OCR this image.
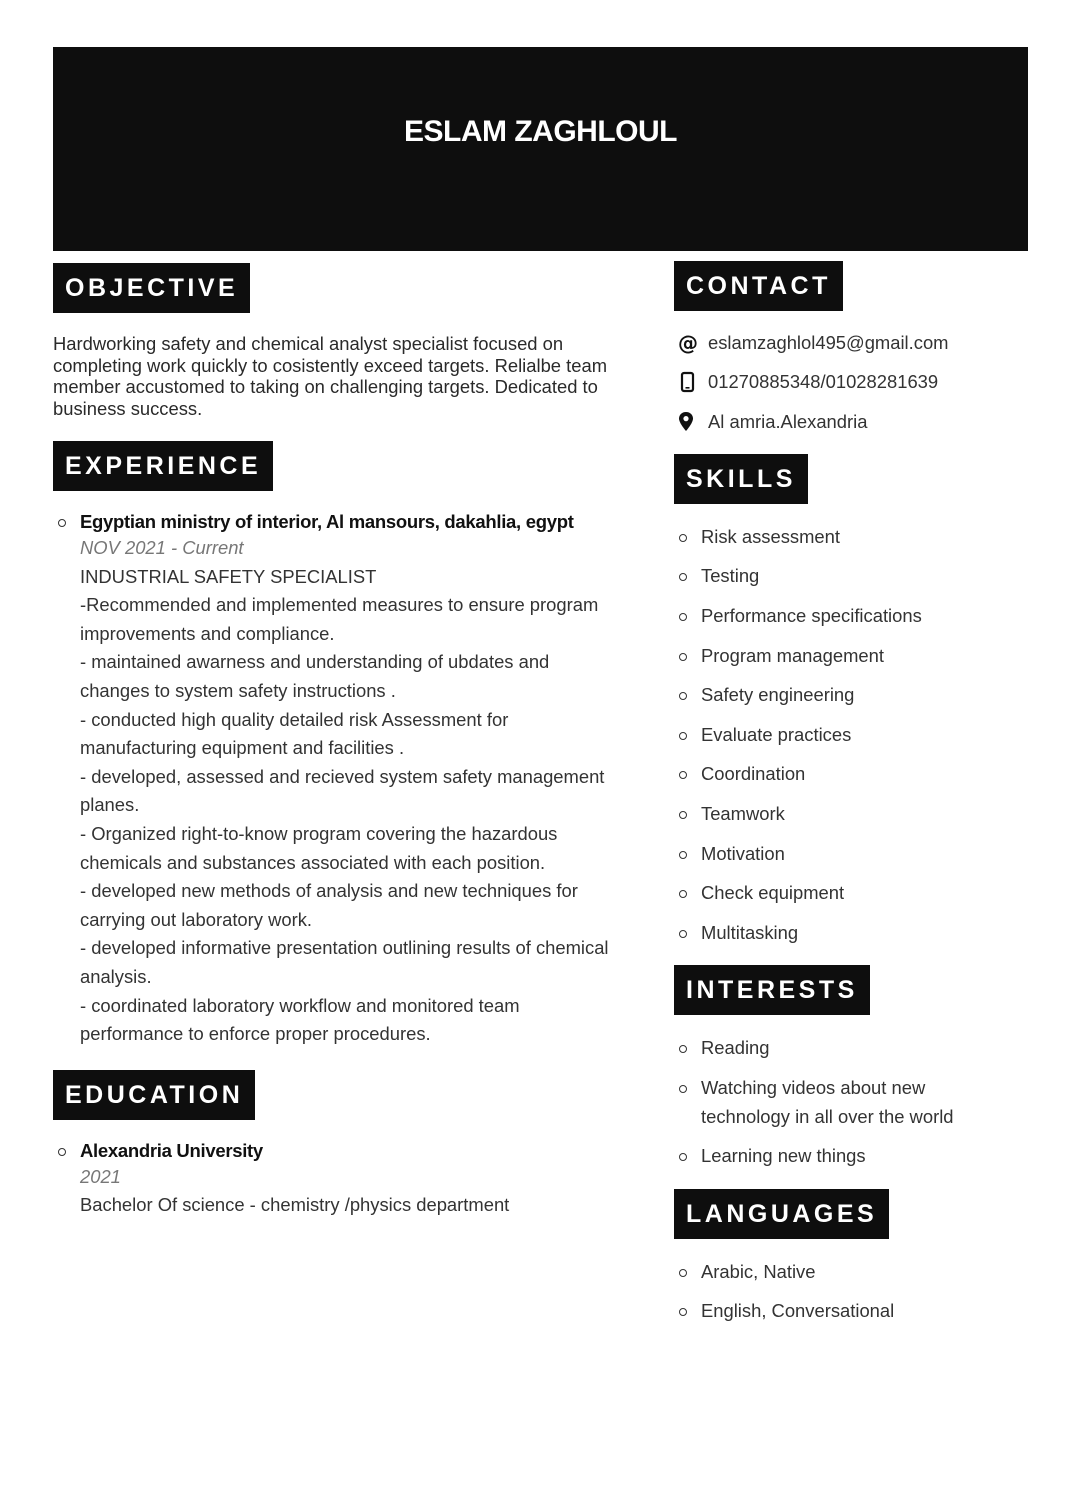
ESLAM ZAGHLOUL
OBJECTIVE
Hardworking safety and chemical analyst specialist focused on
completing work quickly to cosistently exceed targets. Relialbe team
member accustomed to taking on challenging targets. Dedicated to
business success.
EXPERIENCE
Egyptian ministry of interior, Al mansours, dakahlia, egypt
NOV 2021 - Current
INDUSTRIAL SAFETY SPECIALIST
-Recommended and implemented measures to ensure program
improvements and compliance.
- maintained awarness and understanding of ubdates and
changes to system safety instructions .
- conducted high quality detailed risk Assessment for
manufacturing equipment and facilities .
- developed, assessed and recieved system safety management
planes.
- Organized right-to-know program covering the hazardous
chemicals and substances associated with each position.
- developed new methods of analysis and new techniques for
carrying out laboratory work.
- developed informative presentation outlining results of chemical
analysis.
- coordinated laboratory workflow and monitored team
performance to enforce proper procedures.
EDUCATION
Alexandria University
2021
Bachelor Of science - chemistry /physics department
CONTACT
@ eslamzaghlol495@gmail.com
01270885348/01028281639
Al amria.Alexandria
SKILLS
Risk assessment
Testing
Performance specifications
Program management
Safety engineering
Evaluate practices
Coordination
Teamwork
Motivation
Check equipment
Multitasking
INTERESTS
Reading
Watching videos about new
technology in all over the world
Learning new things
LANGUAGES
Arabic, Native
English, Conversational
